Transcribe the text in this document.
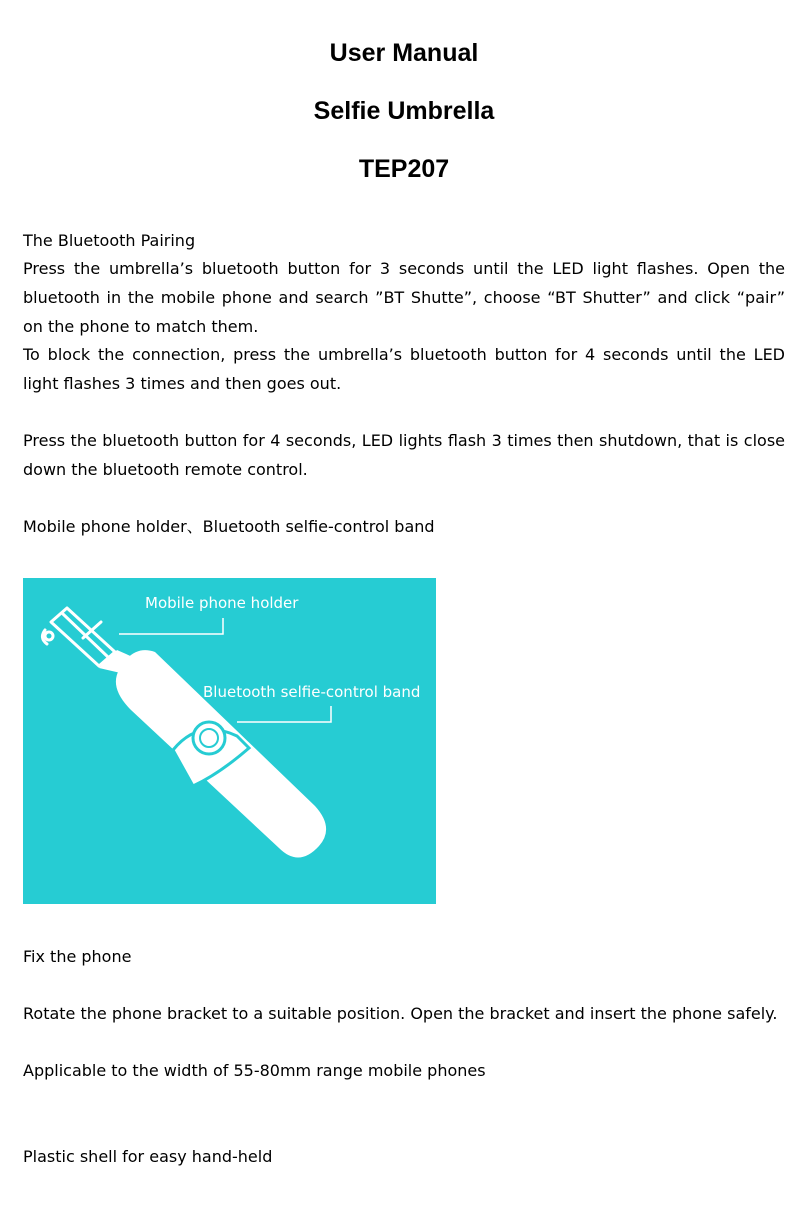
User Manual
Selfie Umbrella
TEP207

The Bluetooth Pairing

Press the umbrella’s bluetooth button for 3 seconds until the LED light flashes. Open the bluetooth in the mobile phone and search ”BT Shutte”, choose “BT Shutter” and click “pair” on the phone to match them.

To block the connection, press the umbrella’s bluetooth button for 4 seconds until the LED light flashes 3 times and then goes out.

Press the bluetooth button for 4 seconds, LED lights flash 3 times then shutdown, that is close down the bluetooth remote control.

Mobile phone holder、Bluetooth selfie-control band

Mobile phone holder
Bluetooth selfie-control band

Fix the phone

Rotate the phone bracket to a suitable position. Open the bracket and insert the phone safely.

Applicable to the width of 55-80mm range mobile phones

Plastic shell for easy hand-held
